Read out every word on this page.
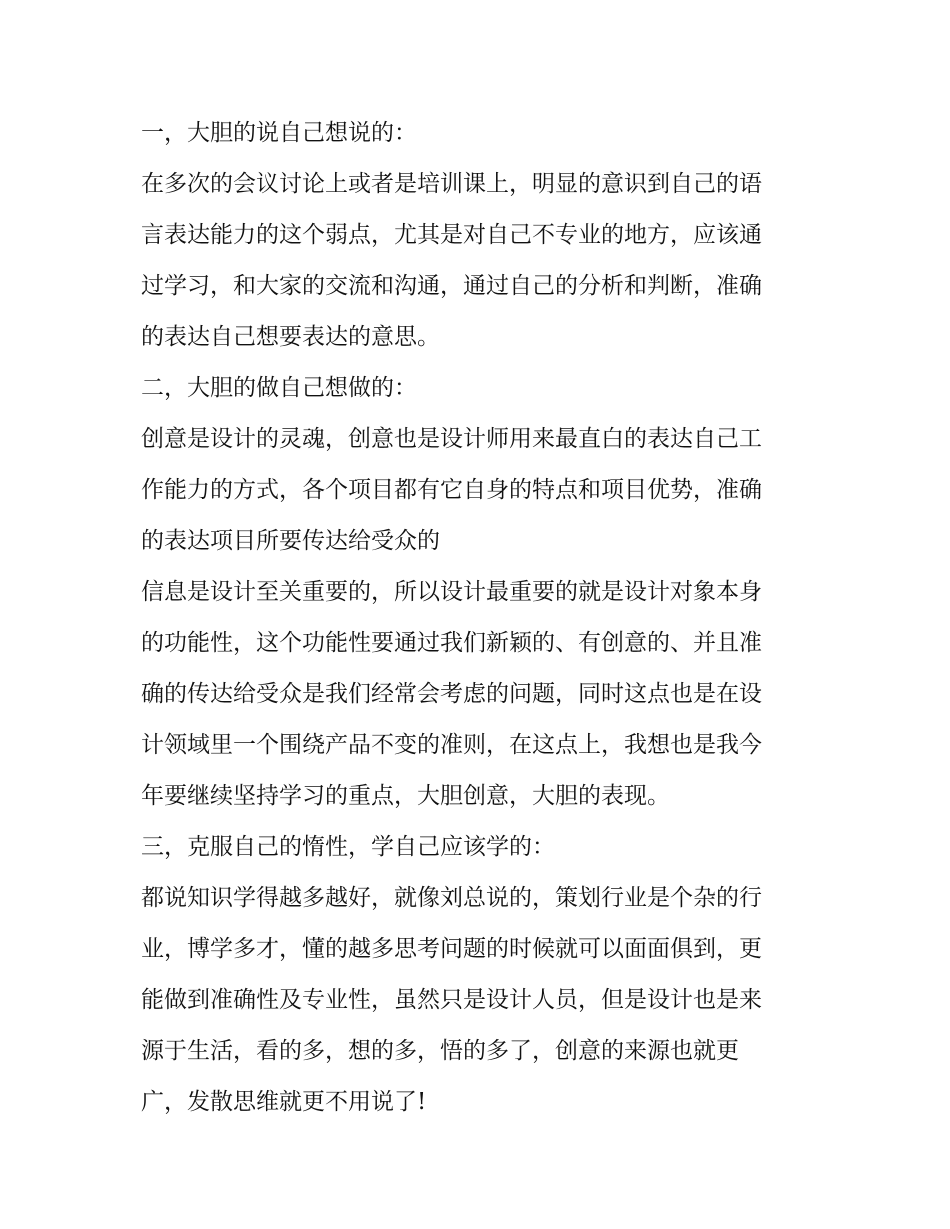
一，大胆的说自己想说的：
在多次的会议讨论上或者是培训课上，明显的意识到自己的语
言表达能力的这个弱点，尤其是对自己不专业的地方，应该通
过学习，和大家的交流和沟通，通过自己的分析和判断，准确
的表达自己想要表达的意思。
二，大胆的做自己想做的：
创意是设计的灵魂，创意也是设计师用来最直白的表达自己工
作能力的方式，各个项目都有它自身的特点和项目优势，准确
的表达项目所要传达给受众的
信息是设计至关重要的，所以设计最重要的就是设计对象本身
的功能性，这个功能性要通过我们新颖的、有创意的、并且准
确的传达给受众是我们经常会考虑的问题，同时这点也是在设
计领域里一个围绕产品不变的准则，在这点上，我想也是我今
年要继续坚持学习的重点，大胆创意，大胆的表现。
三，克服自己的惰性，学自己应该学的：
都说知识学得越多越好，就像刘总说的，策划行业是个杂的行
业，博学多才，懂的越多思考问题的时候就可以面面俱到，更
能做到准确性及专业性，虽然只是设计人员，但是设计也是来
源于生活，看的多，想的多，悟的多了，创意的来源也就更
广，发散思维就更不用说了!
